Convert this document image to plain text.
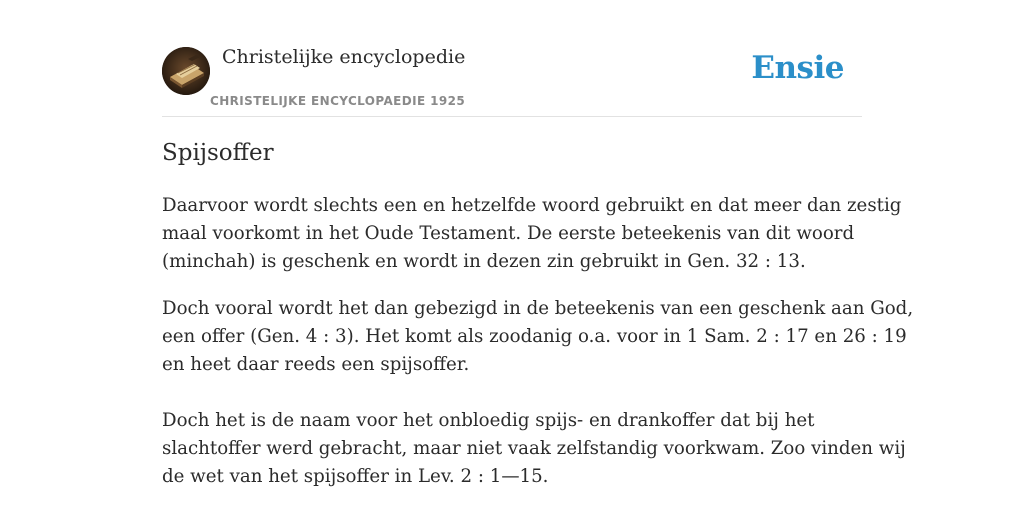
Christelijke encyclopedie
CHRISTELIJKE ENCYCLOPAEDIE 1925
Ensie
Spijsoffer

Daarvoor wordt slechts een en hetzelfde woord gebruikt en dat meer dan zestig
maal voorkomt in het Oude Testament. De eerste beteekenis van dit woord
(minchah) is geschenk en wordt in dezen zin gebruikt in Gen. 32 : 13.

Doch vooral wordt het dan gebezigd in de beteekenis van een geschenk aan God,
een offer (Gen. 4 : 3). Het komt als zoodanig o.a. voor in 1 Sam. 2 : 17 en 26 : 19
en heet daar reeds een spijsoffer.

Doch het is de naam voor het onbloedig spijs- en drankoffer dat bij het
slachtoffer werd gebracht, maar niet vaak zelfstandig voorkwam. Zoo vinden wij
de wet van het spijsoffer in Lev. 2 : 1—15.
